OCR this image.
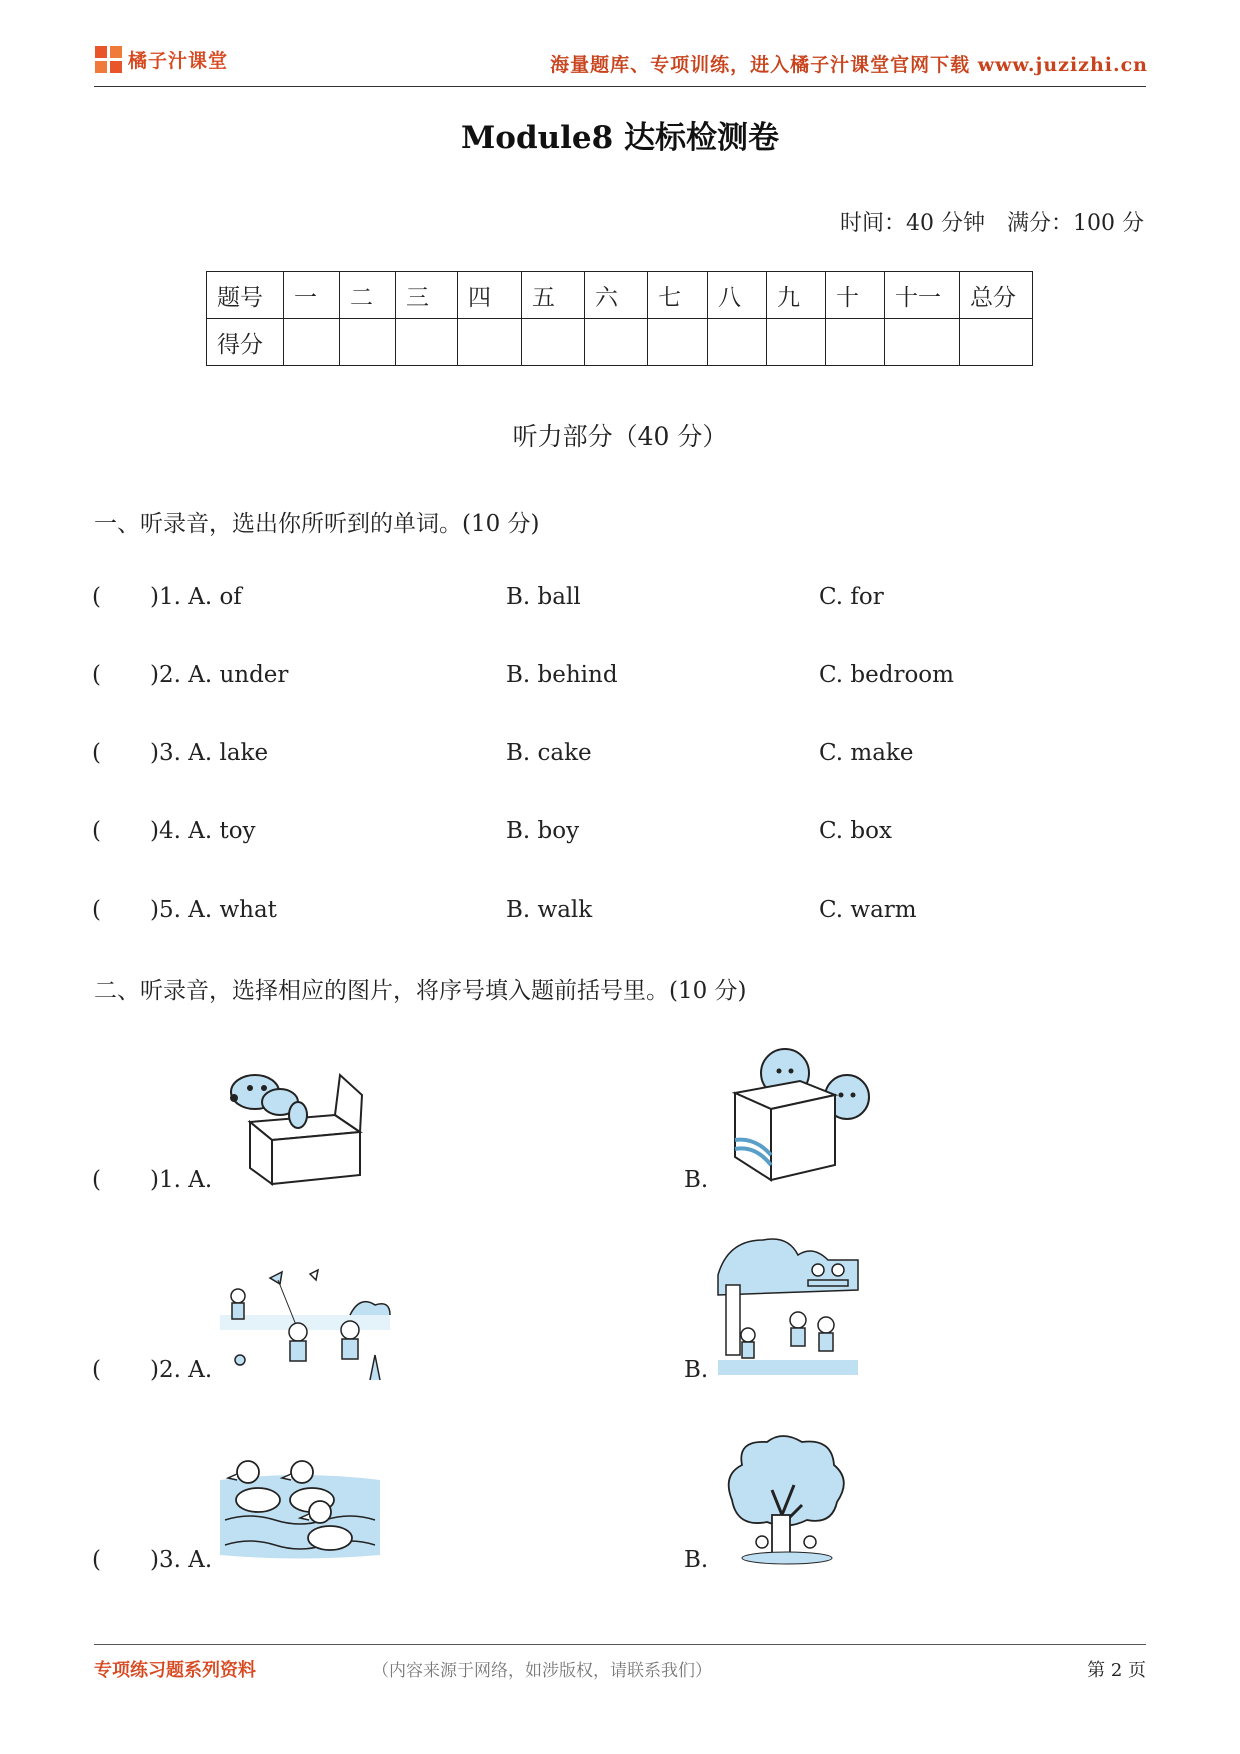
橘子汁课堂	海量题库、专项训练，进入橘子汁课堂官网下载 www.juzizhi.cn
Module8 达标检测卷
时间：40 分钟　满分：100 分
题号	一	二	三	四	五	六	七	八	九	十	十一	总分
得分												
听力部分（40 分）
一、听录音，选出你所听到的单词。(10 分)
( )1. A. of	B. ball	C. for
( )2. A. under	B. behind	C. bedroom
( )3. A. lake	B. cake	C. make
( )4. A. toy	B. boy	C. box
( )5. A. what	B. walk	C. warm
二、听录音，选择相应的图片，将序号填入题前括号里。(10 分)
( )1. A.	B.
( )2. A.	B.
( )3. A.	B.
专项练习题系列资料	（内容来源于网络，如涉版权，请联系我们）	第 2 页
